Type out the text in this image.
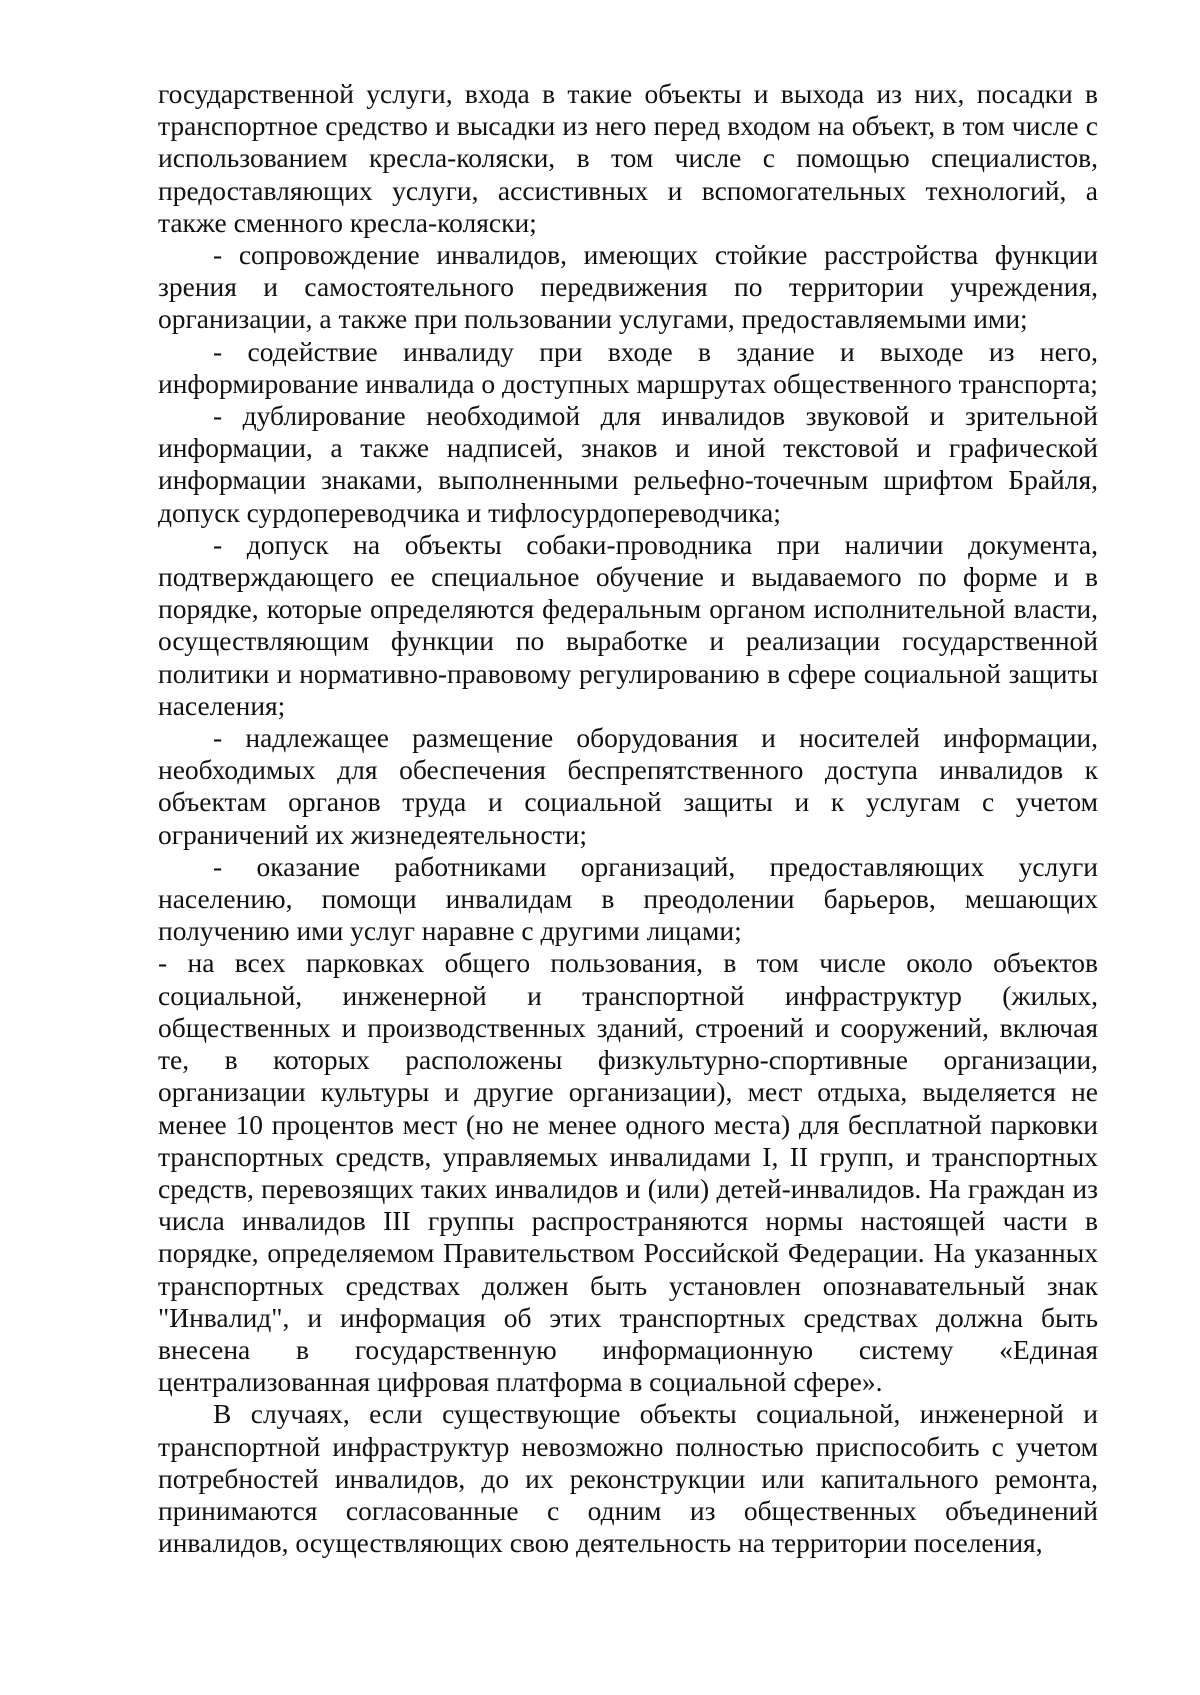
государственной услуги, входа в такие объекты и выхода из них, посадки в транспортное средство и высадки из него перед входом на объект, в том числе с использованием кресла-коляски, в том числе с помощью специалистов, предоставляющих услуги, ассистивных и вспомогательных технологий, а также сменного кресла-коляски;

- сопровождение инвалидов, имеющих стойкие расстройства функции зрения и самостоятельного передвижения по территории учреждения, организации, а также при пользовании услугами, предоставляемыми ими;

- содействие инвалиду при входе в здание и выходе из него, информирование инвалида о доступных маршрутах общественного транспорта;

- дублирование необходимой для инвалидов звуковой и зрительной информации, а также надписей, знаков и иной текстовой и графической информации знаками, выполненными рельефно-точечным шрифтом Брайля, допуск сурдопереводчика и тифлосурдопереводчика;

- допуск на объекты собаки-проводника при наличии документа, подтверждающего ее специальное обучение и выдаваемого по форме и в порядке, которые определяются федеральным органом исполнительной власти, осуществляющим функции по выработке и реализации государственной политики и нормативно-правовому регулированию в сфере социальной защиты населения;

- надлежащее размещение оборудования и носителей информации, необходимых для обеспечения беспрепятственного доступа инвалидов к объектам органов труда и социальной защиты и к услугам с учетом ограничений их жизнедеятельности;

- оказание работниками организаций, предоставляющих услуги населению, помощи инвалидам в преодолении барьеров, мешающих получению ими услуг наравне с другими лицами;

- на всех парковках общего пользования, в том числе около объектов социальной, инженерной и транспортной инфраструктур (жилых, общественных и производственных зданий, строений и сооружений, включая те, в которых расположены физкультурно-спортивные организации, организации культуры и другие организации), мест отдыха, выделяется не менее 10 процентов мест (но не менее одного места) для бесплатной парковки транспортных средств, управляемых инвалидами I, II групп, и транспортных средств, перевозящих таких инвалидов и (или) детей-инвалидов. На граждан из числа инвалидов III группы распространяются нормы настоящей части в порядке, определяемом Правительством Российской Федерации. На указанных транспортных средствах должен быть установлен опознавательный знак "Инвалид", и информация об этих транспортных средствах должна быть внесена в государственную информационную систему «Единая централизованная цифровая платформа в социальной сфере».

В случаях, если существующие объекты социальной, инженерной и транспортной инфраструктур невозможно полностью приспособить с учетом потребностей инвалидов, до их реконструкции или капитального ремонта, принимаются согласованные с одним из общественных объединений инвалидов, осуществляющих свою деятельность на территории поселения,
